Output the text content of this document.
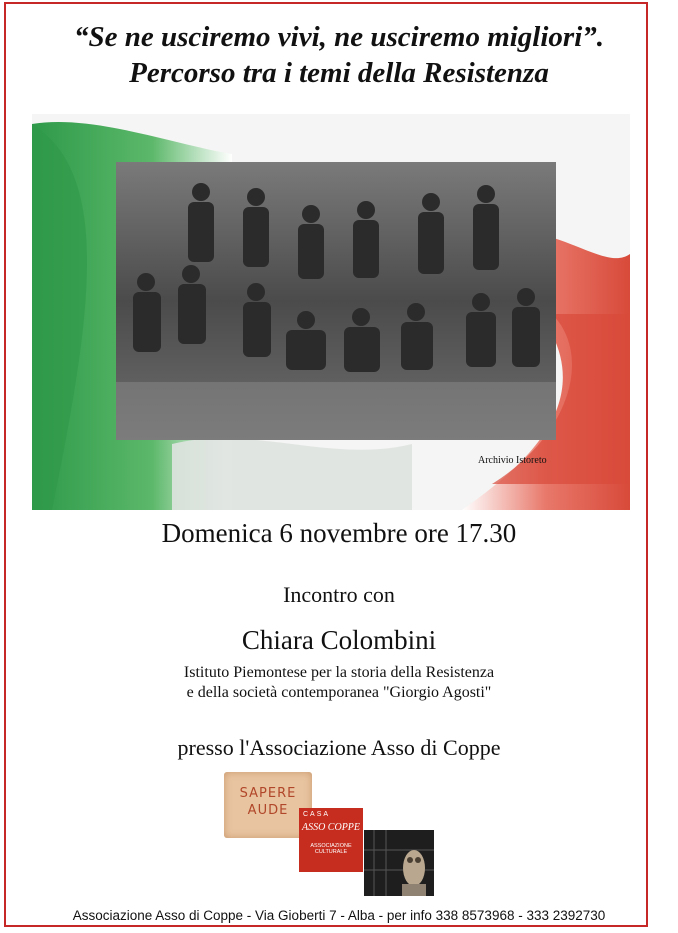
“Se ne usciremo vivi, ne usciremo migliori”.
Percorso tra i temi della Resistenza
Archivio Istoreto
Domenica 6 novembre ore 17.30
Incontro con
Chiara Colombini
Istituto Piemontese per la storia della Resistenza
e della società contemporanea "Giorgio Agosti"
presso l'Associazione Asso di Coppe
SAPERE
AUDE	CASA
ASSO COPPE
ASSOCIAZIONE
CULTURALE
Associazione Asso di Coppe - Via Gioberti 7 - Alba - per info 338 8573968 - 333 2392730
